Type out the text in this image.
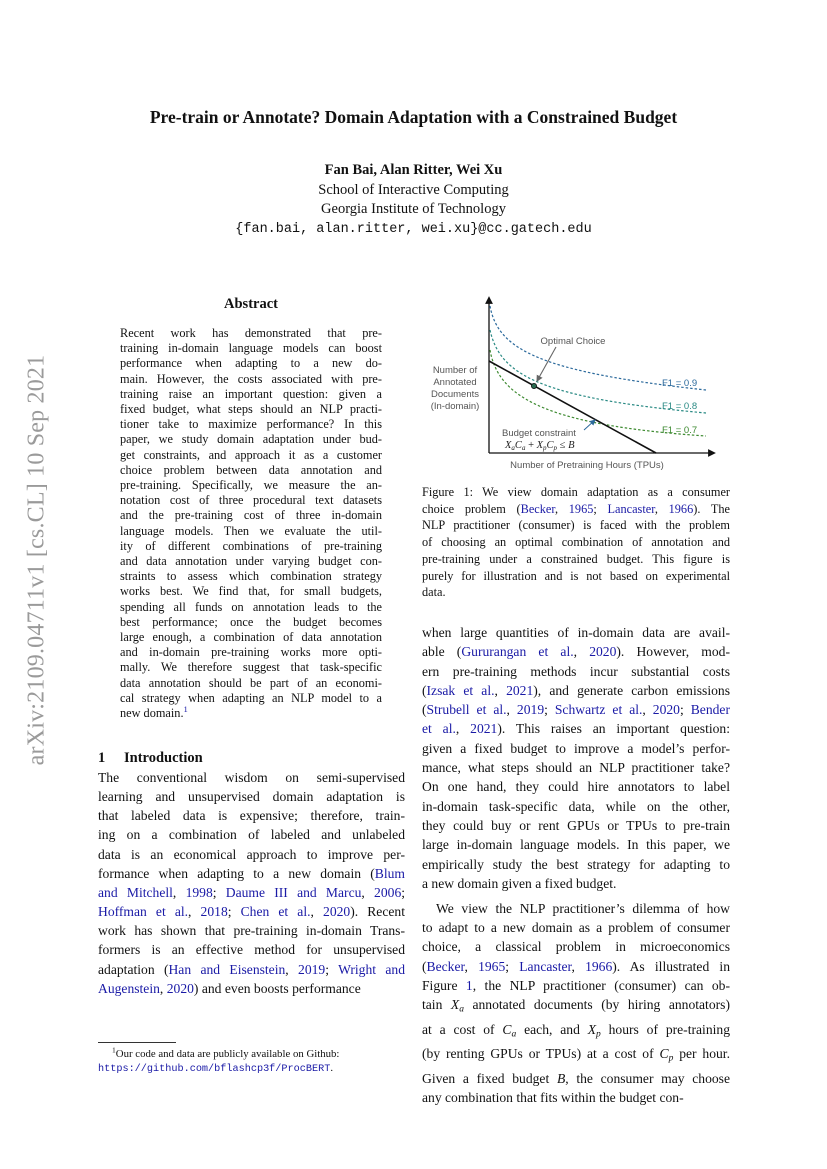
arXiv:2109.04711v1 [cs.CL] 10 Sep 2021
Pre-train or Annotate? Domain Adaptation with a Constrained Budget
Fan Bai, Alan Ritter, Wei Xu
School of Interactive Computing
Georgia Institute of Technology
{fan.bai, alan.ritter, wei.xu}@cc.gatech.edu
Abstract
Recent work has demonstrated that pre-
training in-domain language models can boost
performance when adapting to a new do-
main. However, the costs associated with pre-
training raise an important question: given a
fixed budget, what steps should an NLP practi-
tioner take to maximize performance? In this
paper, we study domain adaptation under bud-
get constraints, and approach it as a customer
choice problem between data annotation and
pre-training. Specifically, we measure the an-
notation cost of three procedural text datasets
and the pre-training cost of three in-domain
language models. Then we evaluate the util-
ity of different combinations of pre-training
and data annotation under varying budget con-
straints to assess which combination strategy
works best. We find that, for small budgets,
spending all funds on annotation leads to the
best performance; once the budget becomes
large enough, a combination of data annotation
and in-domain pre-training works more opti-
mally. We therefore suggest that task-specific
data annotation should be part of an economi-
cal strategy when adapting an NLP model to a
new domain.$^1$
1 Introduction
The conventional wisdom on semi-supervised
learning and unsupervised domain adaptation is
that labeled data is expensive; therefore, train-
ing on a combination of labeled and unlabeled
data is an economical approach to improve per-
formance when adapting to a new domain (Blum
and Mitchell, 1998; Daume III and Marcu, 2006;
Hoffman et al., 2018; Chen et al., 2020). Recent
work has shown that pre-training in-domain Trans-
formers is an effective method for unsupervised
adaptation (Han and Eisenstein, 2019; Wright and
Augenstein, 2020) and even boosts performance
$^1$Our code and data are publicly available on Github:
https://github.com/bflashcp3f/ProcBERT.
Optimal Choice
Number of
Annotated
Documents
(In-domain)
F1 = 0.9
F1 = 0.8
F1 = 0.7
Budget constraint
XaCa + XpCp ≤ B
Number of Pretraining Hours (TPUs)
Figure 1: We view domain adaptation as a consumer
choice problem (Becker, 1965; Lancaster, 1966). The
NLP practitioner (consumer) is faced with the problem
of choosing an optimal combination of annotation and
pre-training under a constrained budget. This figure is
purely for illustration and is not based on experimental
data.
when large quantities of in-domain data are avail-
able (Gururangan et al., 2020). However, mod-
ern pre-training methods incur substantial costs
(Izsak et al., 2021), and generate carbon emissions
(Strubell et al., 2019; Schwartz et al., 2020; Bender
et al., 2021). This raises an important question:
given a fixed budget to improve a model’s perfor-
mance, what steps should an NLP practitioner take?
On one hand, they could hire annotators to label
in-domain task-specific data, while on the other,
they could buy or rent GPUs or TPUs to pre-train
large in-domain language models. In this paper, we
empirically study the best strategy for adapting to
a new domain given a fixed budget.
We view the NLP practitioner’s dilemma of how
to adapt to a new domain as a problem of consumer
choice, a classical problem in microeconomics
(Becker, 1965; Lancaster, 1966). As illustrated in
Figure 1, the NLP practitioner (consumer) can ob-
tain $X_a$ annotated documents (by hiring annotators)
at a cost of $C_a$ each, and $X_p$ hours of pre-training
(by renting GPUs or TPUs) at a cost of $C_p$ per hour.
Given a fixed budget B, the consumer may choose
any combination that fits within the budget con-
